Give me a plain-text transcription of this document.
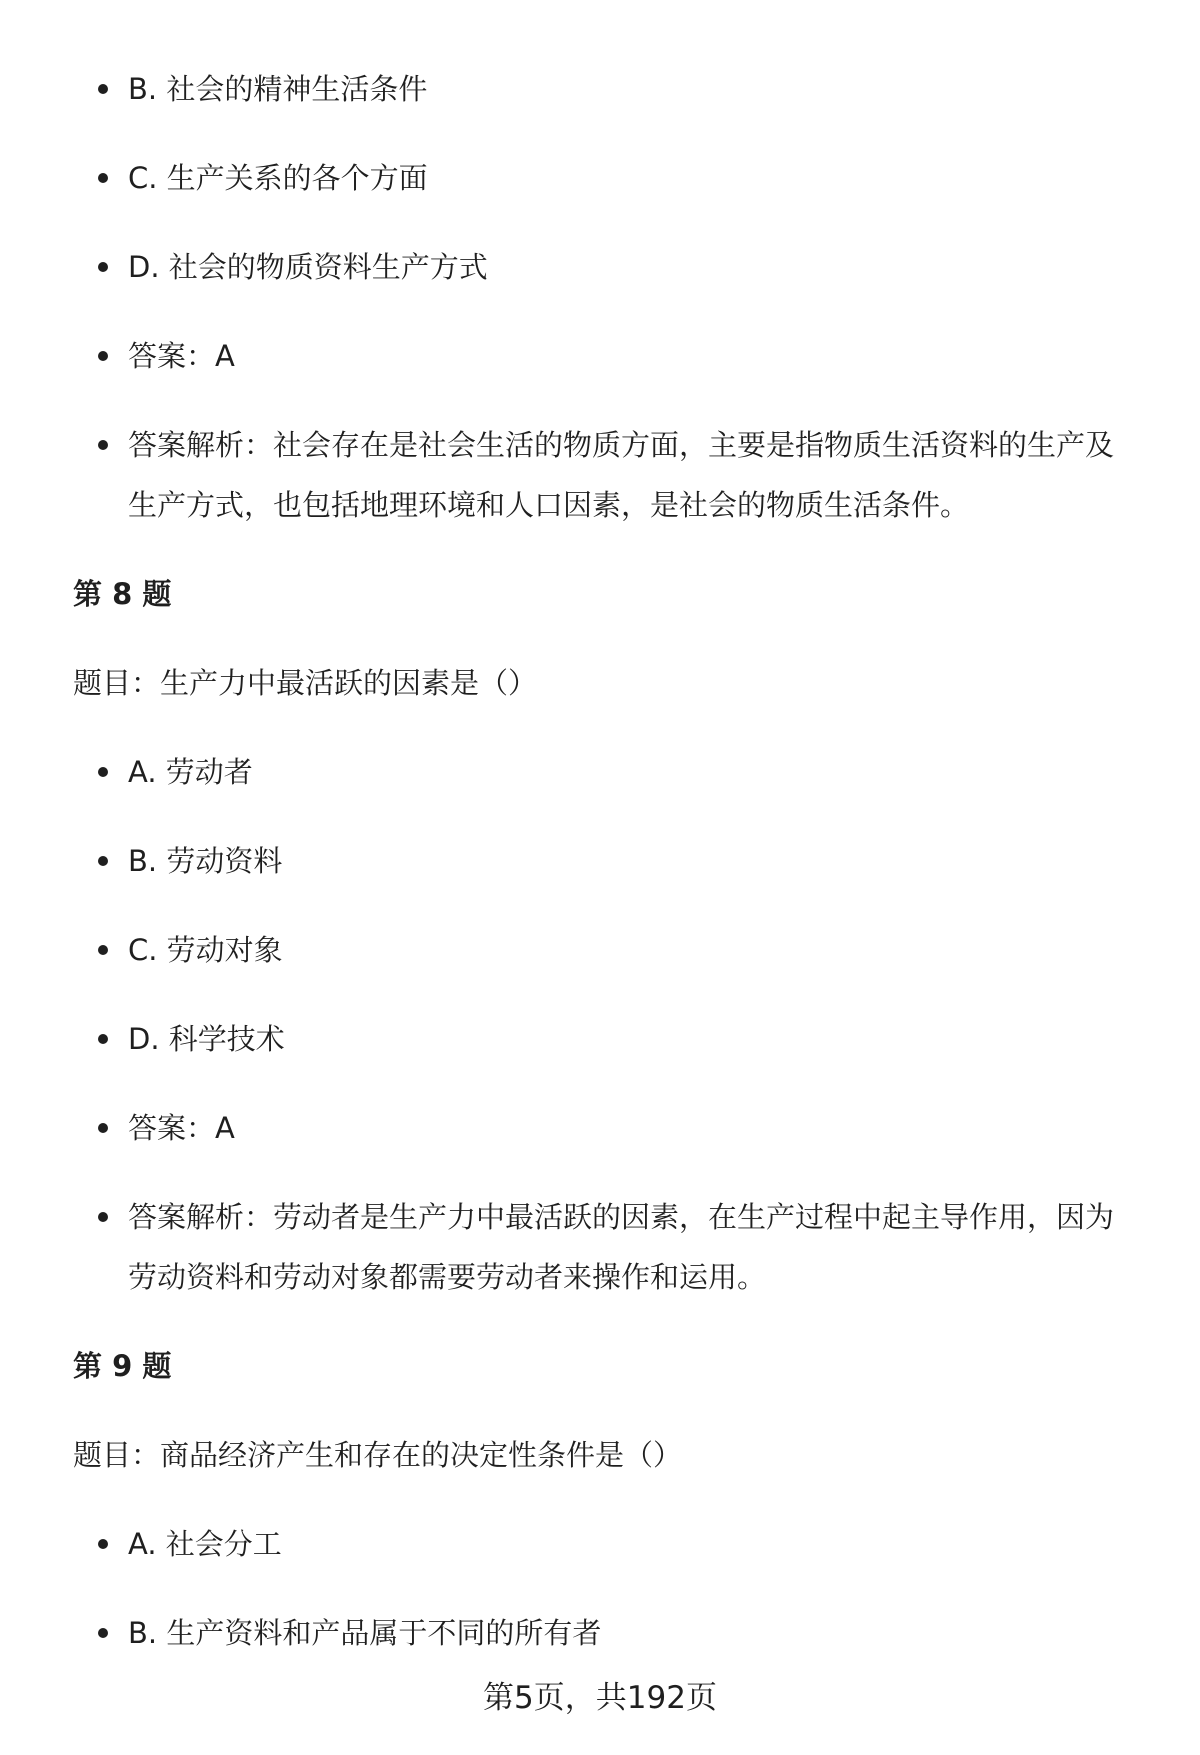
B. 社会的精神生活条件
C. 生产关系的各个方面
D. 社会的物质资料生产方式
答案：A
答案解析：社会存在是社会生活的物质方面，主要是指物质生活资料的生产及生产方式，也包括地理环境和人口因素，是社会的物质生活条件。
第 8 题
题目：生产力中最活跃的因素是（）
A. 劳动者
B. 劳动资料
C. 劳动对象
D. 科学技术
答案：A
答案解析：劳动者是生产力中最活跃的因素，在生产过程中起主导作用，因为劳动资料和劳动对象都需要劳动者来操作和运用。
第 9 题
题目：商品经济产生和存在的决定性条件是（）
A. 社会分工
B. 生产资料和产品属于不同的所有者
第5页，共192页
